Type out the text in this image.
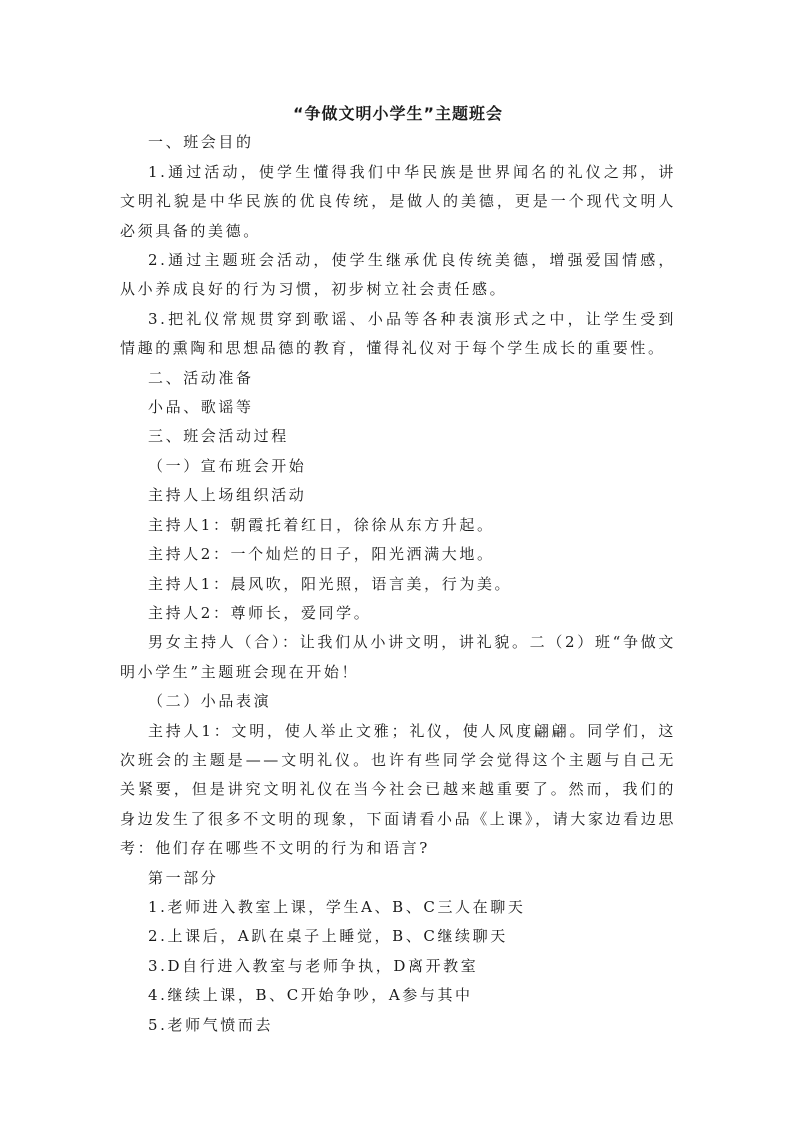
“争做文明小学生”主题班会

一、班会目的

1.通过活动，使学生懂得我们中华民族是世界闻名的礼仪之邦，讲文明礼貌是中华民族的优良传统，是做人的美德，更是一个现代文明人必须具备的美德。

2.通过主题班会活动，使学生继承优良传统美德，增强爱国情感，从小养成良好的行为习惯，初步树立社会责任感。

3.把礼仪常规贯穿到歌谣、小品等各种表演形式之中，让学生受到情趣的熏陶和思想品德的教育，懂得礼仪对于每个学生成长的重要性。

二、活动准备

小品、歌谣等

三、班会活动过程

（一）宣布班会开始

主持人上场组织活动

主持人1：朝霞托着红日，徐徐从东方升起。

主持人2：一个灿烂的日子，阳光洒满大地。

主持人1：晨风吹，阳光照，语言美，行为美。

主持人2：尊师长，爱同学。

男女主持人（合）：让我们从小讲文明，讲礼貌。二（2）班“争做文明小学生”主题班会现在开始！

（二）小品表演

主持人1：文明，使人举止文雅；礼仪，使人风度翩翩。同学们，这次班会的主题是——文明礼仪。也许有些同学会觉得这个主题与自己无关紧要，但是讲究文明礼仪在当今社会已越来越重要了。然而，我们的身边发生了很多不文明的现象，下面请看小品《上课》，请大家边看边思考：他们存在哪些不文明的行为和语言?

第一部分

1.老师进入教室上课，学生A、B、C三人在聊天

2.上课后，A趴在桌子上睡觉，B、C继续聊天

3.D自行进入教室与老师争执，D离开教室

4.继续上课，B、C开始争吵，A参与其中

5.老师气愤而去
